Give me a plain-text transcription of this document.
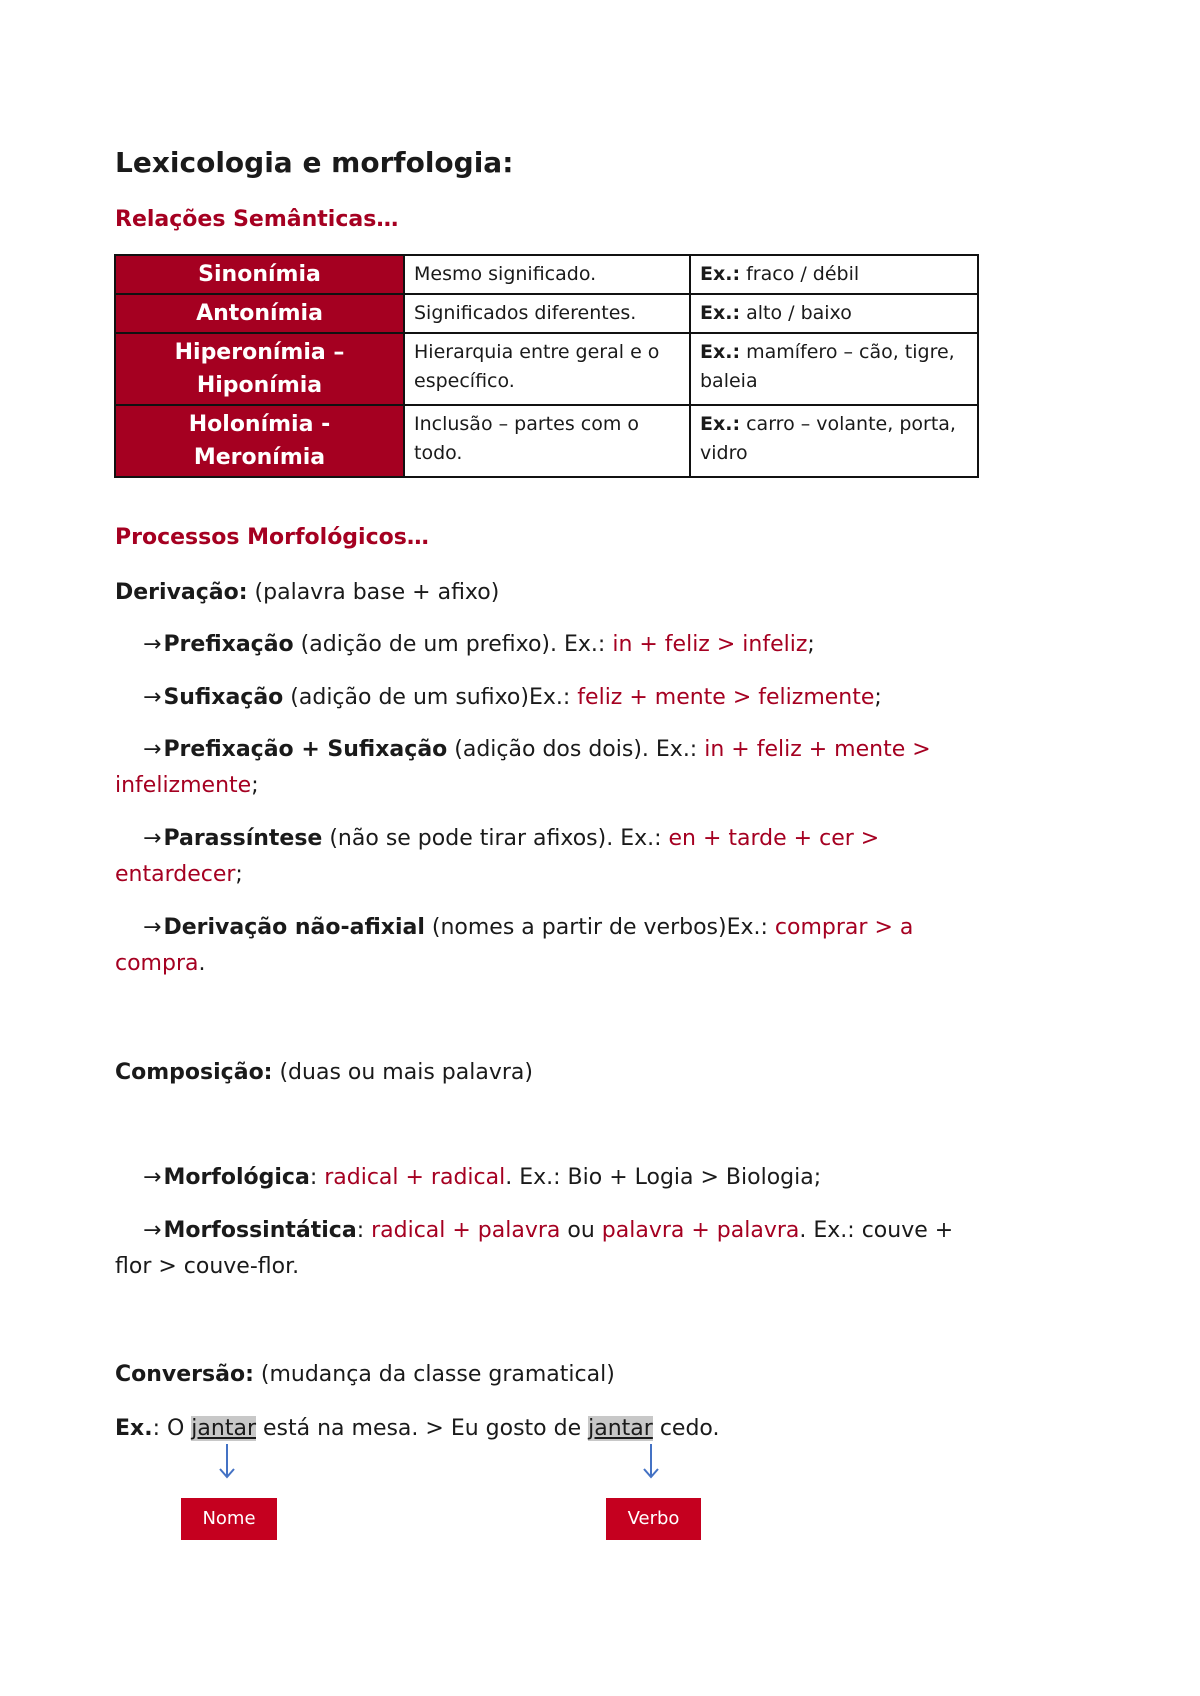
Lexicologia e morfologia:
Relações Semânticas…
Sinonímia	Mesmo significado.	Ex.: fraco / débil
Antonímia	Significados diferentes.	Ex.: alto / baixo
Hiperonímia – Hiponímia	Hierarquia entre geral e o específico.	Ex.: mamífero – cão, tigre, baleia
Holonímia - Meronímia	Inclusão – partes com o todo.	Ex.: carro – volante, porta, vidro
Processos Morfológicos…
Derivação: (palavra base + afixo)
→Prefixação (adição de um prefixo). Ex.: in + feliz > infeliz;
→Sufixação (adição de um sufixo)Ex.: feliz + mente > felizmente;
→Prefixação + Sufixação (adição dos dois). Ex.: in + feliz + mente >
infelizmente;
→Parassíntese (não se pode tirar afixos). Ex.: en + tarde + cer >
entardecer;
→Derivação não-afixial (nomes a partir de verbos)Ex.: comprar > a
compra.
Composição: (duas ou mais palavra)
→Morfológica: radical + radical. Ex.: Bio + Logia > Biologia;
→Morfossintática: radical + palavra ou palavra + palavra. Ex.: couve +
flor > couve-flor.
Conversão: (mudança da classe gramatical)
Ex.: O jantar está na mesa. > Eu gosto de jantar cedo.
Nome	Verbo
